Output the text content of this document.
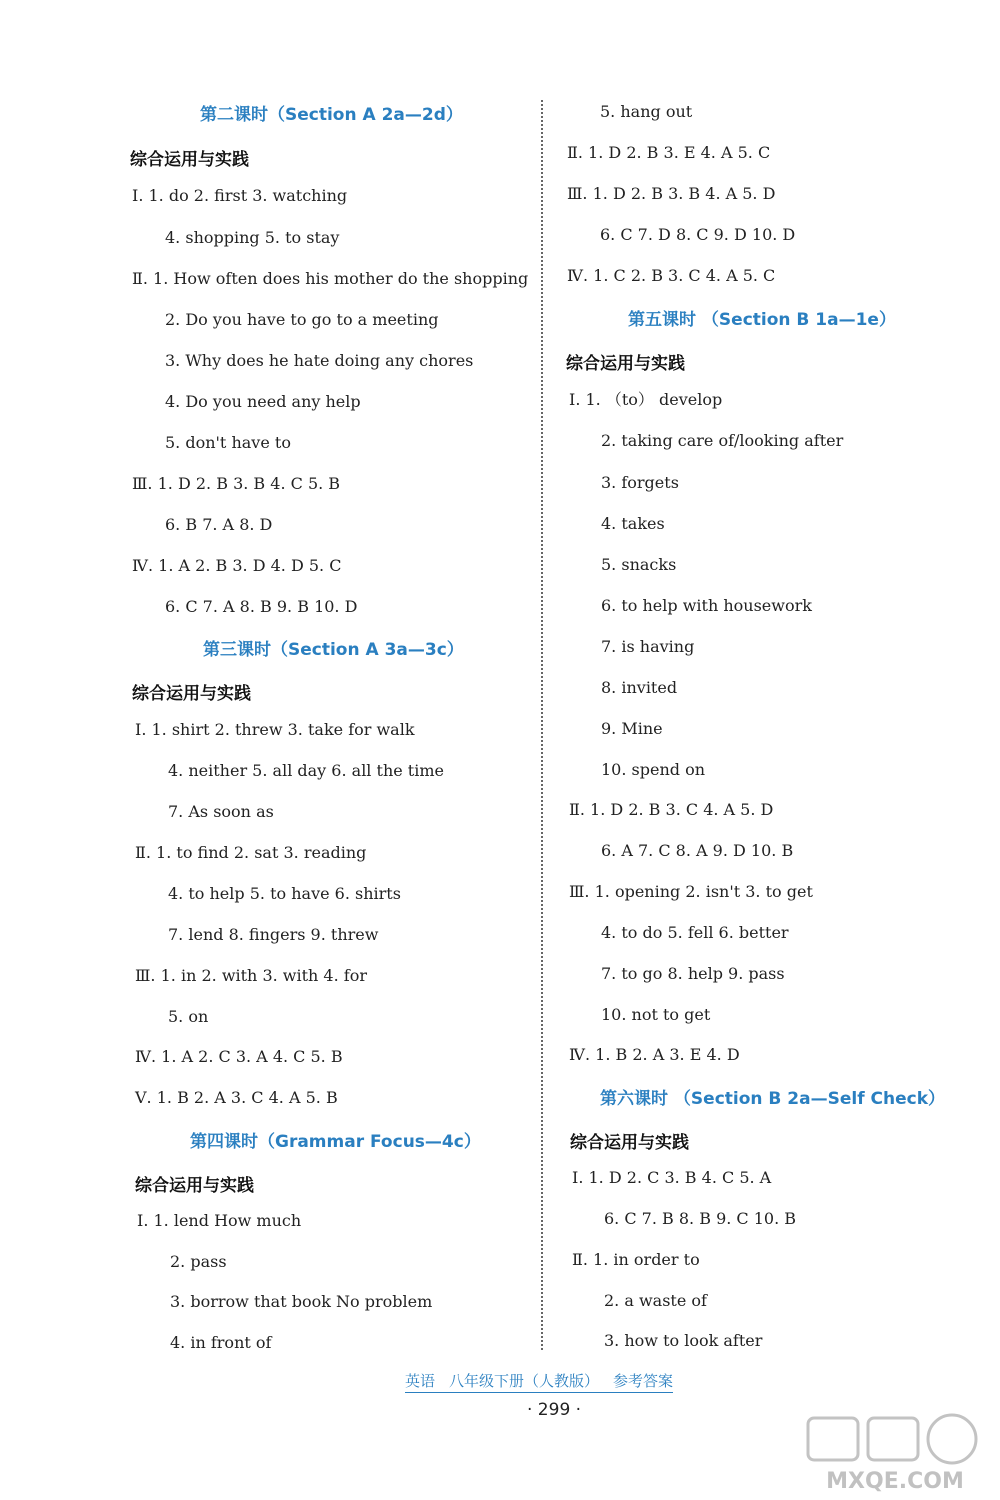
第二课时（Section A 2a—2d）
综合运用与实践
Ⅰ. 1. do 2. first 3. watching
4. shopping 5. to stay
Ⅱ. 1. How often does his mother do the shopping
2. Do you have to go to a meeting
3. Why does he hate doing any chores
4. Do you need any help
5. don't have to
Ⅲ. 1. D 2. B 3. B 4. C 5. B
6. B 7. A 8. D
Ⅳ. 1. A 2. B 3. D 4. D 5. C
6. C 7. A 8. B 9. B 10. D
第三课时（Section A 3a—3c）
综合运用与实践
Ⅰ. 1. shirt 2. threw 3. take for walk
4. neither 5. all day 6. all the time
7. As soon as
Ⅱ. 1. to find 2. sat 3. reading
4. to help 5. to have 6. shirts
7. lend 8. fingers 9. threw
Ⅲ. 1. in 2. with 3. with 4. for
5. on
Ⅳ. 1. A 2. C 3. A 4. C 5. B
Ⅴ. 1. B 2. A 3. C 4. A 5. B
第四课时（Grammar Focus—4c）
综合运用与实践
Ⅰ. 1. lend How much
2. pass
3. borrow that book No problem
4. in front of
5. hang out
Ⅱ. 1. D 2. B 3. E 4. A 5. C
Ⅲ. 1. D 2. B 3. B 4. A 5. D
6. C 7. D 8. C 9. D 10. D
Ⅳ. 1. C 2. B 3. C 4. A 5. C
第五课时 （Section B 1a—1e）
综合运用与实践
Ⅰ. 1. （to） develop
2. taking care of/looking after
3. forgets
4. takes
5. snacks
6. to help with housework
7. is having
8. invited
9. Mine
10. spend on
Ⅱ. 1. D 2. B 3. C 4. A 5. D
6. A 7. C 8. A 9. D 10. B
Ⅲ. 1. opening 2. isn't 3. to get
4. to do 5. fell 6. better
7. to go 8. help 9. pass
10. not to get
Ⅳ. 1. B 2. A 3. E 4. D
第六课时 （Section B 2a—Self Check）
综合运用与实践
Ⅰ. 1. D 2. C 3. B 4. C 5. A
6. C 7. B 8. B 9. C 10. B
Ⅱ. 1. in order to
2. a waste of
3. how to look after
英语 八年级下册（人教版） 参考答案
· 299 ·
MXQE.COM
